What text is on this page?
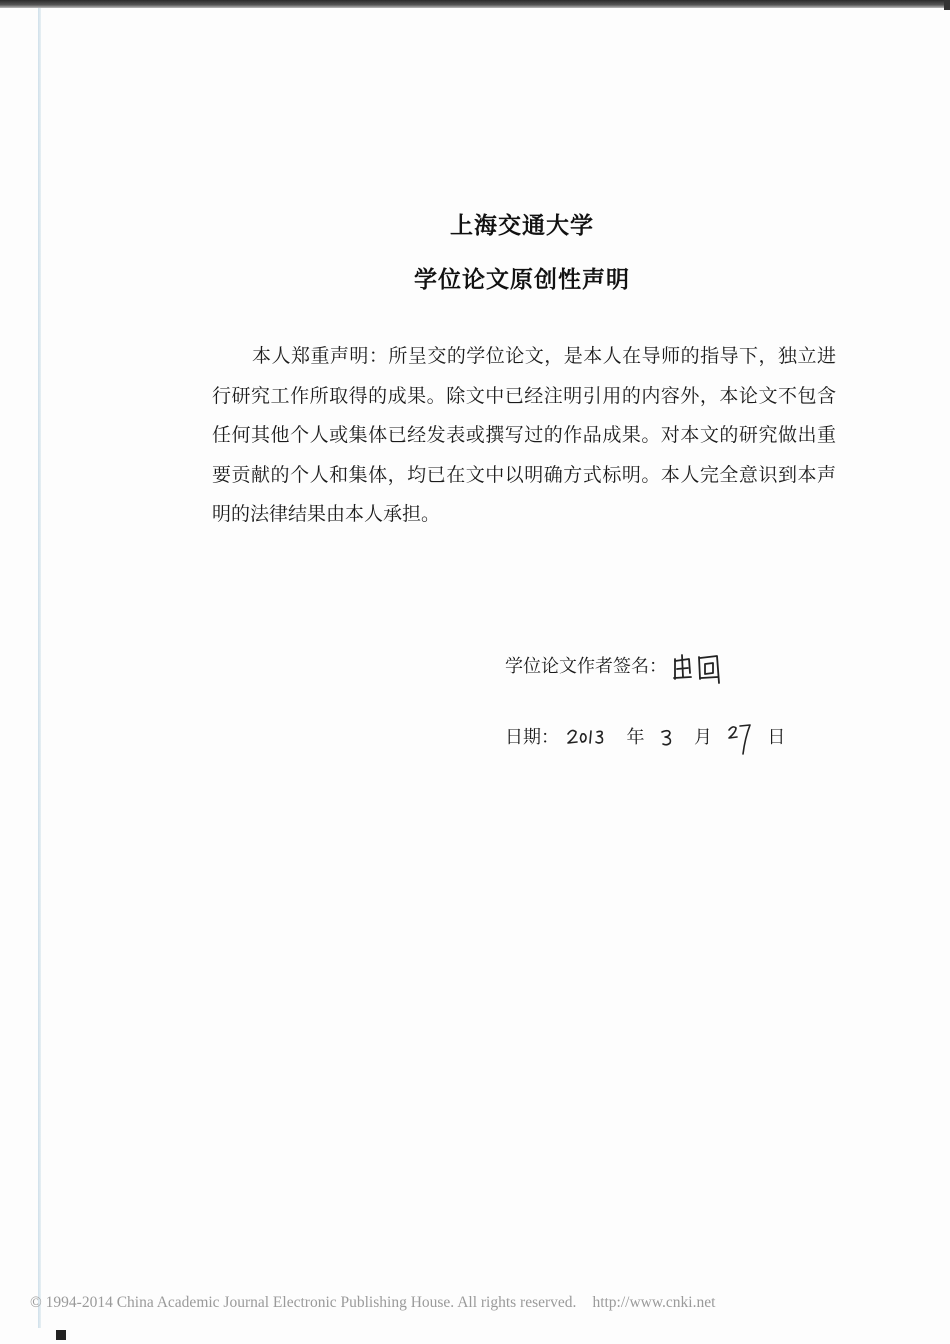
上海交通大学
学位论文原创性声明

本人郑重声明：所呈交的学位论文，是本人在导师的指导下，独立进行研究工作所取得的成果。除文中已经注明引用的内容外，本论文不包含任何其他个人或集体已经发表或撰写过的作品成果。对本文的研究做出重要贡献的个人和集体，均已在文中以明确方式标明。本人完全意识到本声明的法律结果由本人承担。

学位论文作者签名：
日期：	年	月	日
© 1994-2014 China Academic Journal Electronic Publishing House. All rights reserved. http://www.cnki.net
